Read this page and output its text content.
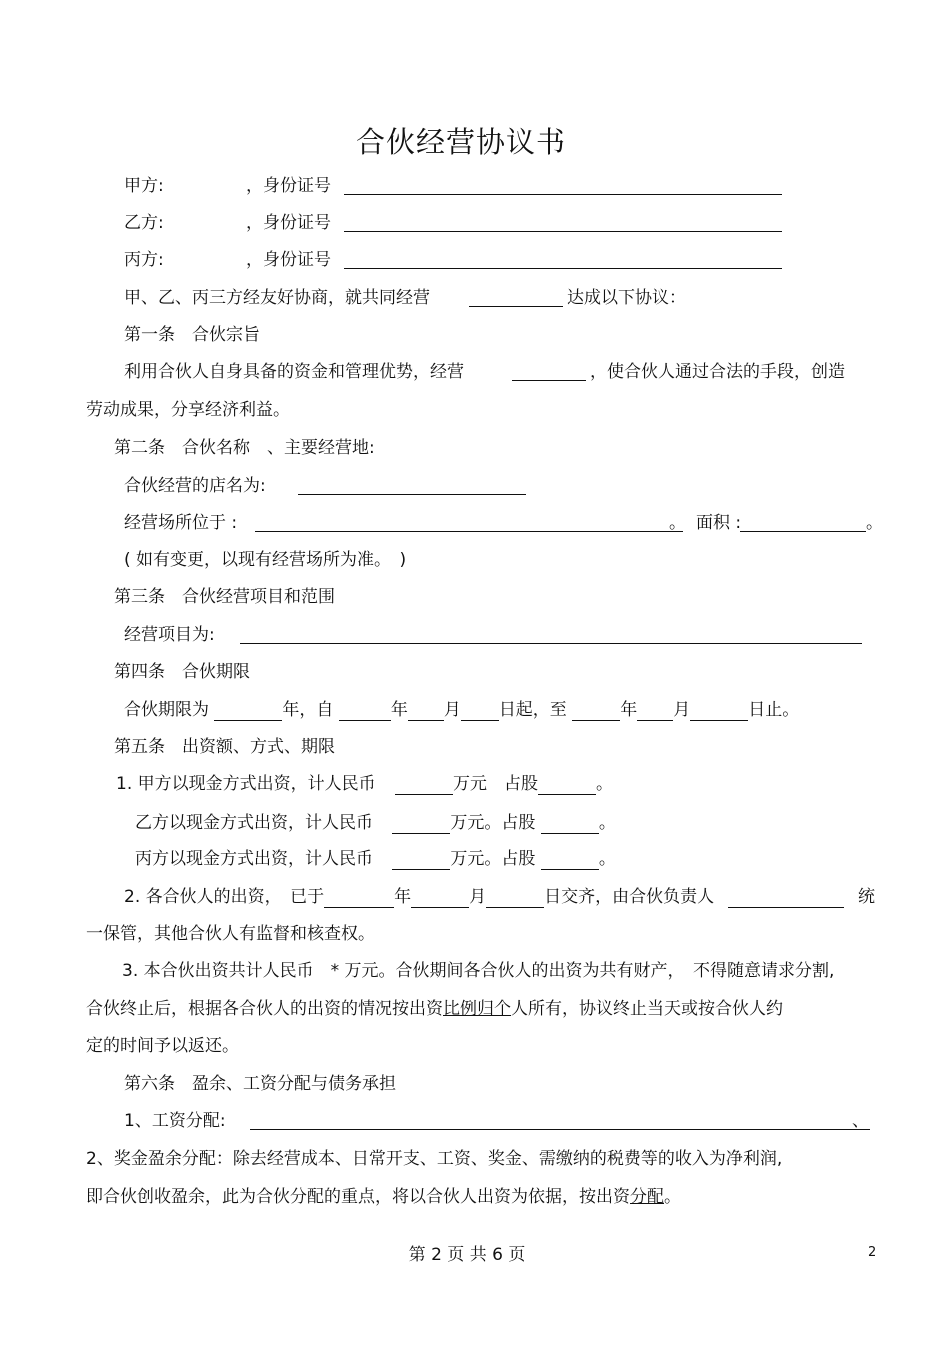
合伙经营协议书
甲方:	，身份证号
乙方:	，身份证号
丙方:	，身份证号
甲、乙、丙三方经友好协商，就共同经营	达成以下协议：
第一条　合伙宗旨
利用合伙人自身具备的资金和管理优势，经营	，使合伙人通过合法的手段，创造
劳动成果，分享经济利益。
第二条　合伙名称　、主要经营地:
合伙经营的店名为:
经营场所位于 :	。 面积 :	。
( 如有变更，以现有经营场所为准。　)
第三条　合伙经营项目和范围
经营项目为:
第四条　合伙期限
合伙期限为	年，自	年 月 日起，至	年 月	日止。
第五条　出资额、方式、期限
1. 甲方以现金方式出资，计人民币	万元　占股	。
乙方以现金方式出资，计人民币	万元。占股	。
丙方以现金方式出资，计人民币	万元。占股	。
2. 各合伙人的出资，　已于	年	月	日交齐，由合伙负责人	统
一保管，其他合伙人有监督和核查权。
3. 本合伙出资共计人民币　* 万元。合伙期间各合伙人的出资为共有财产，　不得随意请求分割,
合伙终止后，根据各合伙人的出资的情况按出资比例归个人所有，协议终止当天或按合伙人约
定的时间予以返还。
第六条　盈余、工资分配与债务承担
1、工资分配:	、
2、奖金盈余分配：除去经营成本、日常开支、工资、奖金、需缴纳的税费等的收入为净利润,
即合伙创收盈余，此为合伙分配的重点，将以合伙人出资为依据，按出资分配。
第 2 页 共 6 页	2
